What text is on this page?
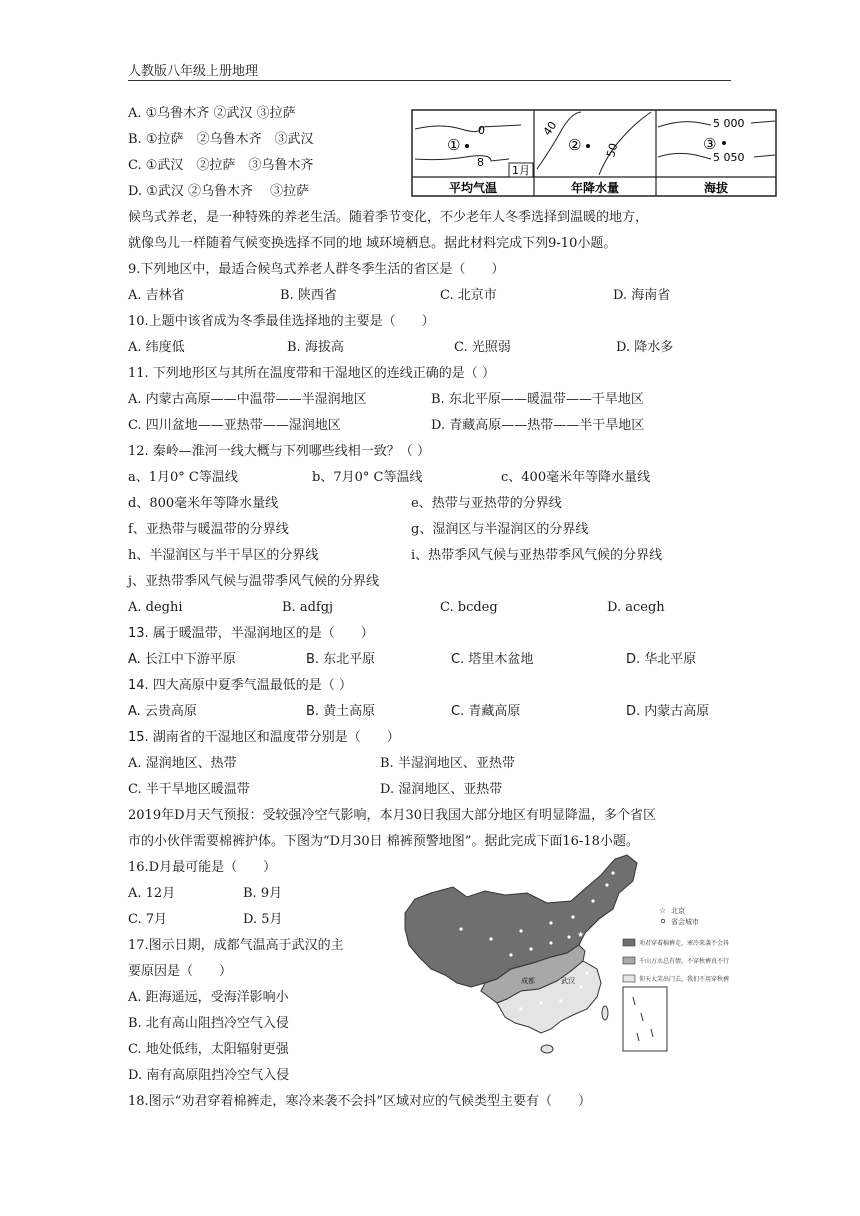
人教版八年级上册地理
A. ①乌鲁木齐 ②武汉 ③拉萨
B. ①拉萨　②乌鲁木齐　③武汉
C. ①武汉　②拉萨　③乌鲁木齐
D. ①武汉 ②乌鲁木齐　 ③拉萨
0
8
①
1月
平均气温
40
50
②
年降水量
5 000
5 050
③
海拔
候鸟式养老，是一种特殊的养老生活。随着季节变化，不少老年人冬季选择到温暖的地方，
就像鸟儿一样随着气候变换选择不同的地 域环境栖息。据此材料完成下列9-10小题。
9.下列地区中，最适合候鸟式养老人群冬季生活的省区是（　　）
A. 吉林省	B. 陕西省	C. 北京市	D. 海南省
10.上题中该省成为冬季最佳选择地的主要是（　　）
A. 纬度低	B. 海拔高	C. 光照弱	D. 降水多
11. 下列地形区与其所在温度带和干湿地区的连线正确的是（ ）
A. 内蒙古高原——中温带——半湿润地区	B. 东北平原——暖温带——干旱地区
C. 四川盆地——亚热带——湿润地区	D. 青藏高原——热带——半干旱地区
12. 秦岭—淮河一线大概与下列哪些线相一致？（ ）
a、1月0° C等温线	b、7月0° C等温线	c、400毫米年等降水量线
d、800毫米年等降水量线	e、热带与亚热带的分界线
f、亚热带与暖温带的分界线	g、湿润区与半湿润区的分界线
h、半湿润区与半干旱区的分界线	i、热带季风气候与亚热带季风气候的分界线
j、亚热带季风气候与温带季风气候的分界线
A. deghi	B. adfgj	C. bcdeg	D. acegh
13. 属于暖温带，半湿润地区的是（　　）
A. 长江中下游平原	B. 东北平原	C. 塔里木盆地	D. 华北平原
14. 四大高原中夏季气温最低的是（ ）
A. 云贵高原	B. 黄土高原	C. 青藏高原	D. 内蒙古高原
15. 湖南省的干湿地区和温度带分别是（　　）
A. 湿润地区、热带	B. 半湿润地区、亚热带
C. 半干旱地区暖温带	D. 湿润地区、亚热带
2019年D月天气预报：受较强冷空气影响，本月30日我国大部分地区有明显降温，多个省区
市的小伙伴需要棉裤护体。下图为“D月30日 棉裤预警地图”。据此完成下面16-18小题。
16.D月最可能是（　　）
A. 12月	B. 9月
C. 7月	D. 5月
17.图示日期，成都气温高于武汉的主
要原因是（　　）
A. 距海遥远，受海洋影响小
B. 北有高山阻挡冷空气入侵
C. 地处低纬，太阳辐射更强
D. 南有高原阻挡冷空气入侵
18.图示“劝君穿着棉裤走，寒冷来袭不会抖”区域对应的气候类型主要有（　　）
★
成都	武汉
☆ 北京
省会城市
劝君穿着棉裤走，寒冷来袭不会抖
千山万水总有情，不穿秋裤真不行
仰天大笑出门去，我们不用穿秋裤
